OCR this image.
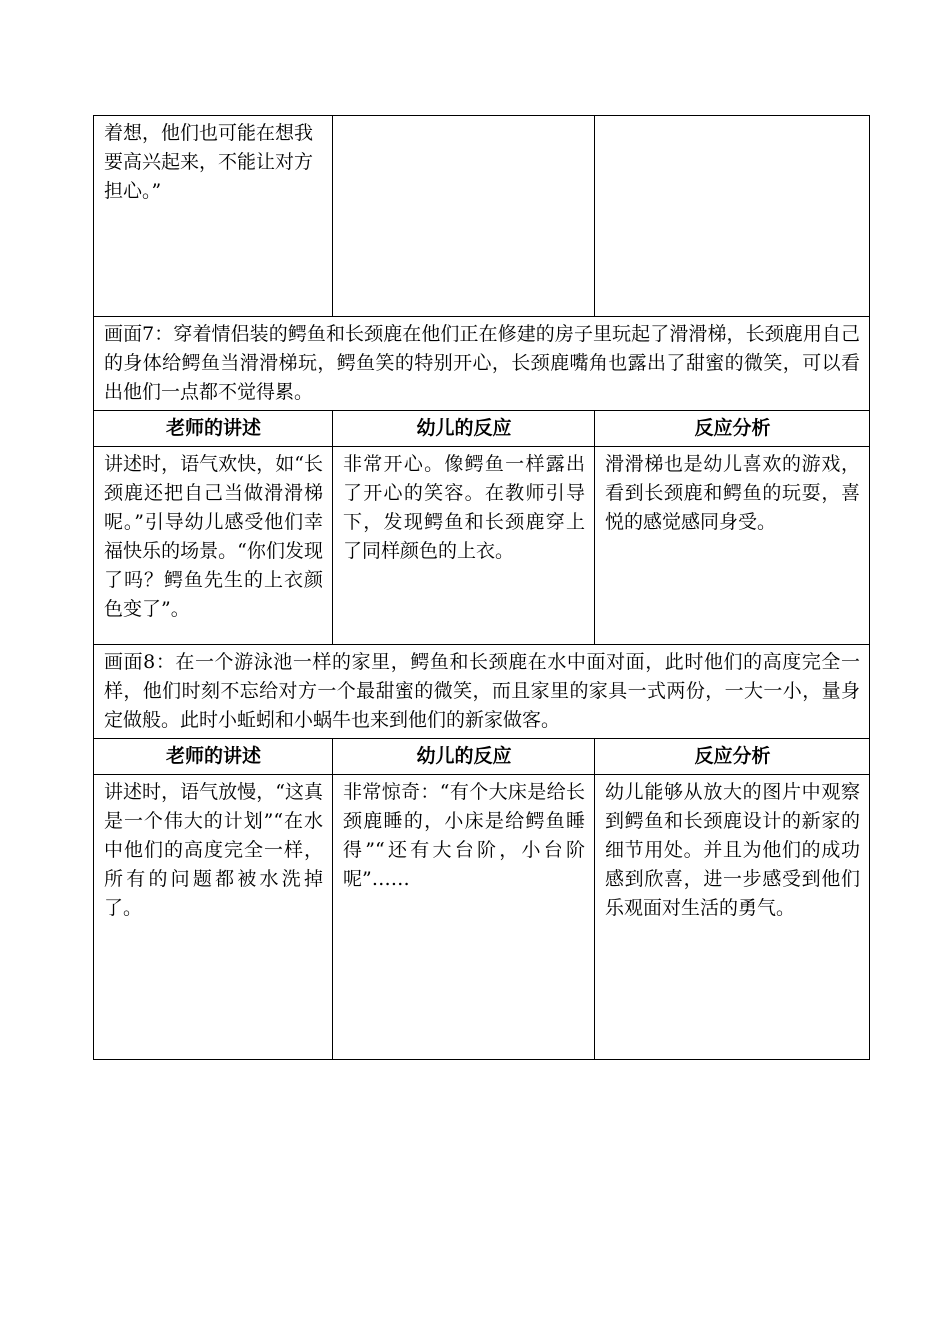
着想，他们也可能在想我要高兴起来，不能让对方担心。”		
画面7：穿着情侣装的鳄鱼和长颈鹿在他们正在修建的房子里玩起了滑滑梯，长颈鹿用自己的身体给鳄鱼当滑滑梯玩，鳄鱼笑的特别开心，长颈鹿嘴角也露出了甜蜜的微笑，可以看出他们一点都不觉得累。		
老师的讲述	幼儿的反应	反应分析
讲述时，语气欢快，如“长颈鹿还把自己当做滑滑梯呢。”引导幼儿感受他们幸福快乐的场景。“你们发现了吗？鳄鱼先生的上衣颜色变了”。	非常开心。像鳄鱼一样露出了开心的笑容。在教师引导下，发现鳄鱼和长颈鹿穿上了同样颜色的上衣。	滑滑梯也是幼儿喜欢的游戏，看到长颈鹿和鳄鱼的玩耍，喜悦的感觉感同身受。
画面8：在一个游泳池一样的家里，鳄鱼和长颈鹿在水中面对面，此时他们的高度完全一样，他们时刻不忘给对方一个最甜蜜的微笑，而且家里的家具一式两份，一大一小，量身定做般。此时小蚯蚓和小蜗牛也来到他们的新家做客。		
老师的讲述	幼儿的反应	反应分析
讲述时，语气放慢，“这真是一个伟大的计划”“在水中他们的高度完全一样，所有的问题都被水洗掉了。	非常惊奇：“有个大床是给长颈鹿睡的，小床是给鳄鱼睡得”“还有大台阶，小台阶呢”……	幼儿能够从放大的图片中观察到鳄鱼和长颈鹿设计的新家的细节用处。并且为他们的成功感到欣喜，进一步感受到他们乐观面对生活的勇气。
